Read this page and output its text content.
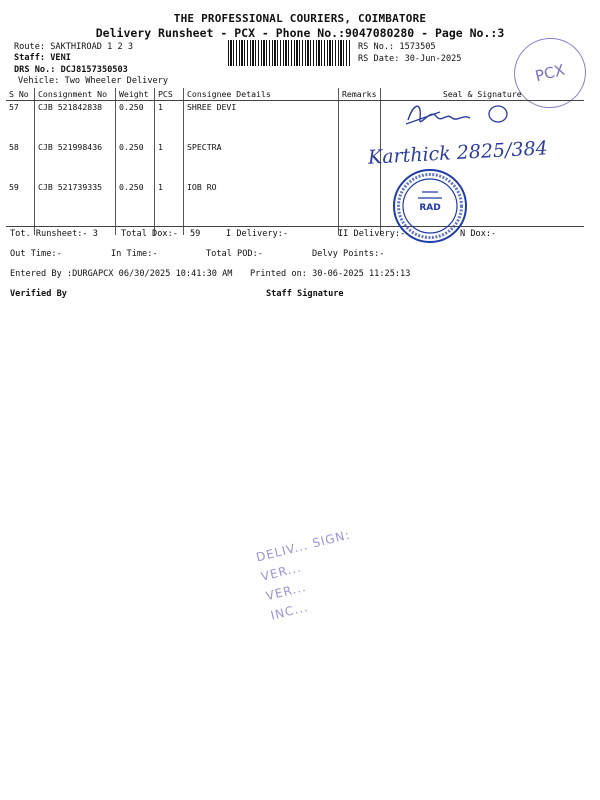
THE PROFESSIONAL COURIERS, COIMBATORE
Delivery Runsheet - PCX - Phone No.:9047080280 - Page No.:3
Route: SAKTHIROAD 1 2 3
Staff: VENI
DRS No.: DCJ8157350503
Vehicle: Two Wheeler Delivery
RS No.: 1573505
RS Date: 30-Jun-2025
PCX
S No	Consignment No	Weight	PCS	Consignee Details	Remarks	Seal & Signature
57	CJB 521842838	0.250	1	SHREE DEVI		
58	CJB 521998436	0.250	1	SPECTRA		
59	CJB 521739335	0.250	1	IOB RO		
Karthick 2825/384
RAD
Tot. Runsheet:- 3	Total Dox:- 59	I Delivery:-	II Delivery:-	N Dox:-
Out Time:-	In Time:-	Total POD:-	Delvy Points:-
Entered By :DURGAPCX 06/30/2025 10:41:30 AM Printed on: 30-06-2025 11:25:13
Verified By	Staff Signature
DELIV... SIGN:
VER...
VER...
INC...
